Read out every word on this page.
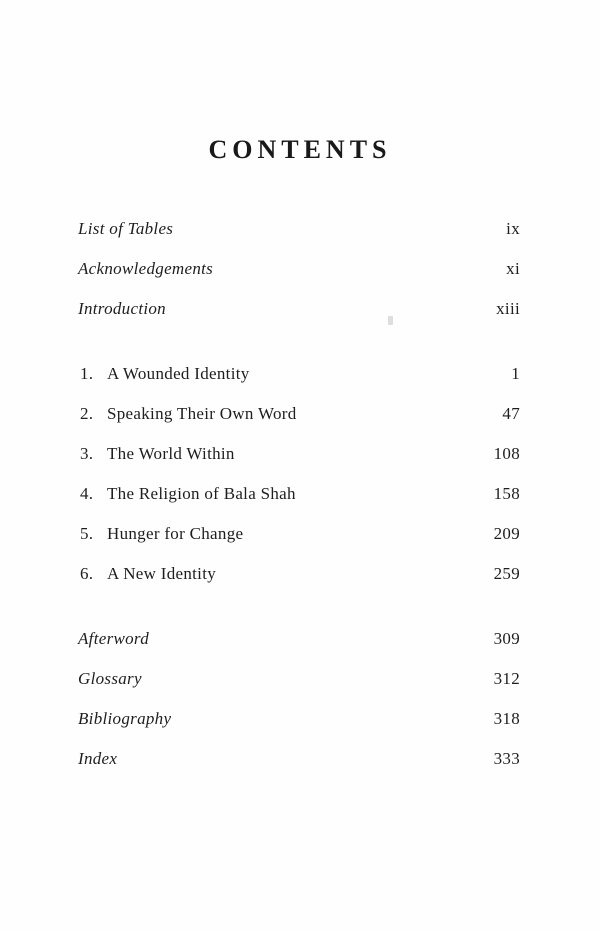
CONTENTS
List of Tables	ix
Acknowledgements	xi
Introduction	xiii
1. A Wounded Identity	1
2. Speaking Their Own Word	47
3. The World Within	108
4. The Religion of Bala Shah	158
5. Hunger for Change	209
6. A New Identity	259
Afterword	309
Glossary	312
Bibliography	318
Index	333
